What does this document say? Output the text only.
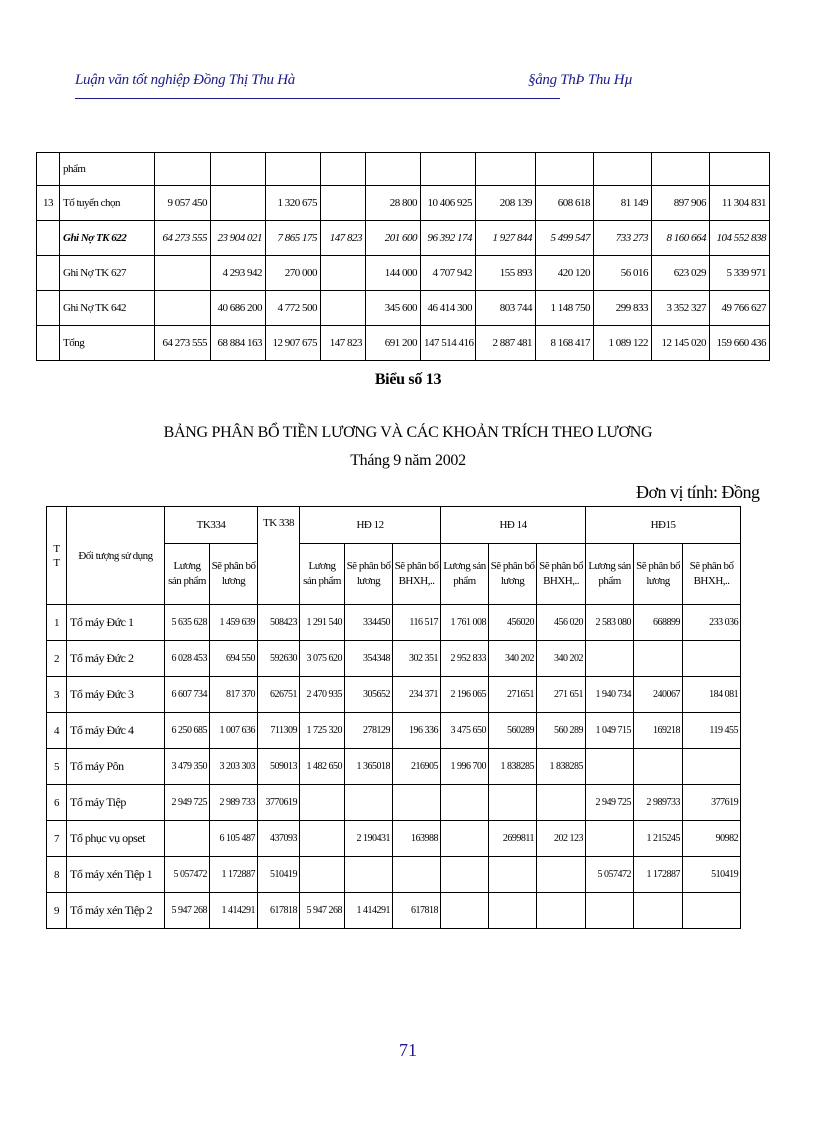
Luận văn tốt nghiệp Đồng Thị Thu Hà	§ång ThÞ Thu Hµ
	phẩm											
13	Tổ tuyển chọn	9 057 450		1 320 675		28 800	10 406 925	208 139	608 618	81 149	897 906	11 304 831
	Ghi Nợ TK 622	64 273 555	23 904 021	7 865 175	147 823	201 600	96 392 174	1 927 844	5 499 547	733 273	8 160 664	104 552 838
	Ghi Nợ TK 627		4 293 942	270 000		144 000	4 707 942	155 893	420 120	56 016	623 029	5 339 971
	Ghi Nợ TK 642		40 686 200	4 772 500		345 600	46 414 300	803 744	1 148 750	299 833	3 352 327	49 766 627
	Tổng	64 273 555	68 884 163	12 907 675	147 823	691 200	147 514 416	2 887 481	8 168 417	1 089 122	12 145 020	159 660 436
Biểu số 13
BẢNG PHÂN BỔ TIỀN LƯƠNG VÀ CÁC KHOẢN TRÍCH THEO LƯƠNG
Tháng 9 năm 2002
Đơn vị tính: Đồng
T T	Đối tượng sử dụng	TK334		TK 338	HĐ 12			HĐ 14			HĐ15		
		Lương sản phẩm	Sẽ phân bổ lương		Lương sản phẩm	Sẽ phân bổ lương	Sẽ phân bổ BHXH,..	Lương sản phẩm	Sẽ phân bổ lương	Sẽ phân bổ BHXH,..	Lương sản phẩm	Sẽ phân bổ lương	Sẽ phân bổ BHXH,..
1	Tổ máy Đức 1	5 635 628	1 459 639	508423	1 291 540	334450	116 517	1 761 008	456020	456 020	2 583 080	668899	233 036
2	Tổ máy Đức 2	6 028 453	694 550	592630	3 075 620	354348	302 351	2 952 833	340 202	340 202			
3	Tổ máy Đức 3	6 607 734	817 370	626751	2 470 935	305652	234 371	2 196 065	271651	271 651	1 940 734	240067	184 081
4	Tổ máy Đức 4	6 250 685	1 007 636	711309	1 725 320	278129	196 336	3 475 650	560289	560 289	1 049 715	169218	119 455
5	Tổ máy Pôn	3 479 350	3 203 303	509013	1 482 650	1 365018	216905	1 996 700	1 838285	1 838285			
6	Tổ máy Tiệp	2 949 725	2 989 733	3770619							2 949 725	2 989733	377619
7	Tổ phục vụ opset		6 105 487	437093		2 190431	163988		2699811	202 123		1 215245	90982
8	Tổ máy xén Tiệp 1	5 057472	1 172887	510419							5 057472	1 172887	510419
9	Tổ máy xén Tiệp 2	5 947 268	1 414291	617818	5 947 268	1 414291	617818						
71
